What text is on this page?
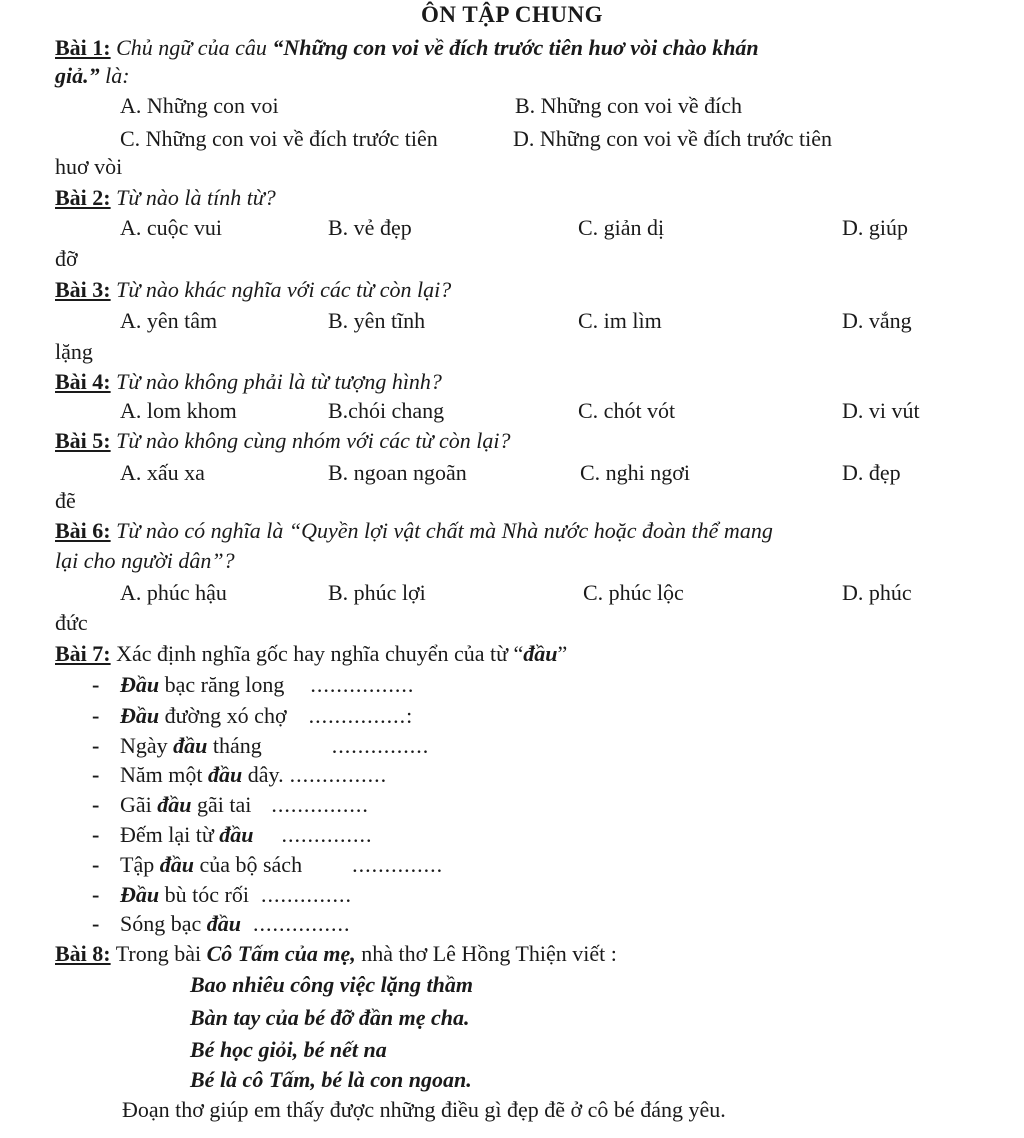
ÔN TẬP CHUNG
Bài 1: Chủ ngữ của câu “Những con voi về đích trước tiên huơ vòi chào khán
giả.” là:
A. Những con voi	B. Những con voi về đích
C. Những con voi về đích trước tiên	D. Những con voi về đích trước tiên
huơ vòi
Bài 2: Từ nào là tính từ?
A. cuộc vui	B. vẻ đẹp	C. giản dị	D. giúp
đỡ
Bài 3: Từ nào khác nghĩa với các từ còn lại?
A. yên tâm	B. yên tĩnh	C. im lìm	D. vắng
lặng
Bài 4: Từ nào không phải là từ tượng hình?
A. lom khom	B.chói chang	C. chót vót	D. vi vút
Bài 5: Từ nào không cùng nhóm với các từ còn lại?
A. xấu xa	B. ngoan ngoãn	C. nghi ngơi	D. đẹp
đẽ
Bài 6: Từ nào có nghĩa là “Quyền lợi vật chất mà Nhà nước hoặc đoàn thể mang
lại cho người dân”?
A. phúc hậu	B. phúc lợi	C. phúc lộc	D. phúc
đức
Bài 7: Xác định nghĩa gốc hay nghĩa chuyển của từ “đầu”
- Đầu bạc răng long ................
- Đầu đường xó chợ ...............:
- Ngày đầu tháng	...............
- Năm một đầu dây. ...............
- Gãi đầu gãi tai ...............
- Đếm lại từ đầu ..............
- Tập đầu của bộ sách ..............
- Đầu bù tóc rối ..............
- Sóng bạc đầu ...............
Bài 8: Trong bài Cô Tấm của mẹ, nhà thơ Lê Hồng Thiện viết :
Bao nhiêu công việc lặng thầm
Bàn tay của bé đỡ đần mẹ cha.
Bé học giỏi, bé nết na
Bé là cô Tấm, bé là con ngoan.
Đoạn thơ giúp em thấy được những điều gì đẹp đẽ ở cô bé đáng yêu.
